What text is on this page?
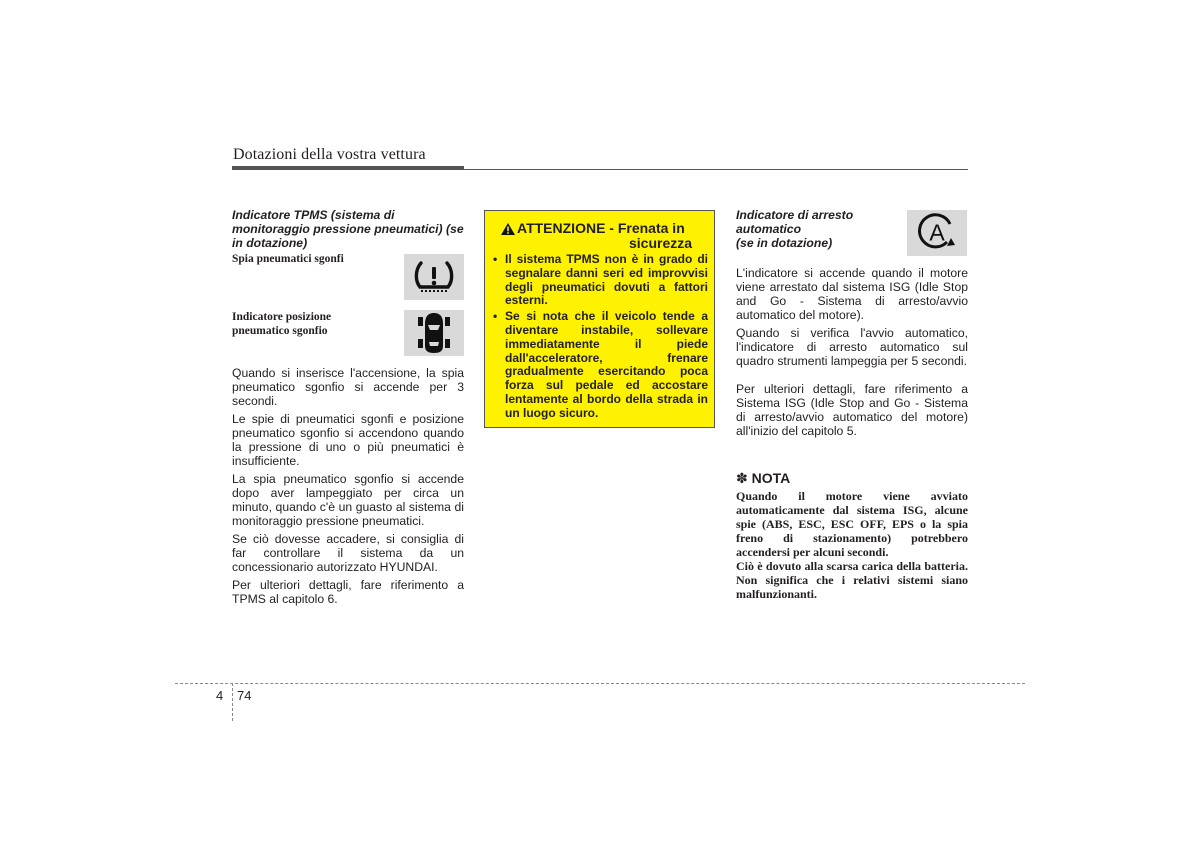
Dotazioni della vostra vettura
Indicatore TPMS (sistema di monitoraggio pressione pneumatici) (se in dotazione)
Spia pneumatici sgonfi
Indicatore posizione pneumatico sgonfio

Quando si inserisce l'accensione, la spia pneumatico sgonfio si accende per 3 secondi.

Le spie di pneumatici sgonfi e posizione pneumatico sgonfio si accendono quando la pressione di uno o più pneumatici è insufficiente.

La spia pneumatico sgonfio si accende dopo aver lampeggiato per circa un minuto, quando c'è un guasto al sistema di monitoraggio pressione pneumatici.

Se ciò dovesse accadere, si consiglia di far controllare il sistema da un concessionario autorizzato HYUNDAI.

Per ulteriori dettagli, fare riferimento a TPMS al capitolo 6.

ATTENZIONE - Frenata in
sicurezza
• Il sistema TPMS non è in grado di segnalare danni seri ed improvvisi degli pneumatici dovuti a fattori esterni.
• Se si nota che il veicolo tende a diventare instabile, sollevare immediatamente il piede dall'acceleratore, frenare gradualmente esercitando poca forza sul pedale ed accostare lentamente al bordo della strada in un luogo sicuro.
Indicatore di arresto
automatico
(se in dotazione)	A

L'indicatore si accende quando il motore viene arrestato dal sistema ISG (Idle Stop and Go - Sistema di arresto/avvio automatico del motore).

Quando si verifica l'avvio automatico, l'indicatore di arresto automatico sul quadro strumenti lampeggia per 5 secondi.

Per ulteriori dettagli, fare riferimento a Sistema ISG (Idle Stop and Go - Sistema di arresto/avvio automatico del motore) all'inizio del capitolo 5.

✽ NOTA

Quando il motore viene avviato automaticamente dal sistema ISG, alcune spie (ABS, ESC, ESC OFF, EPS o la spia freno di stazionamento) potrebbero accendersi per alcuni secondi.

Ciò è dovuto alla scarsa carica della batteria. Non significa che i relativi sistemi siano malfunzionanti.

4 74
